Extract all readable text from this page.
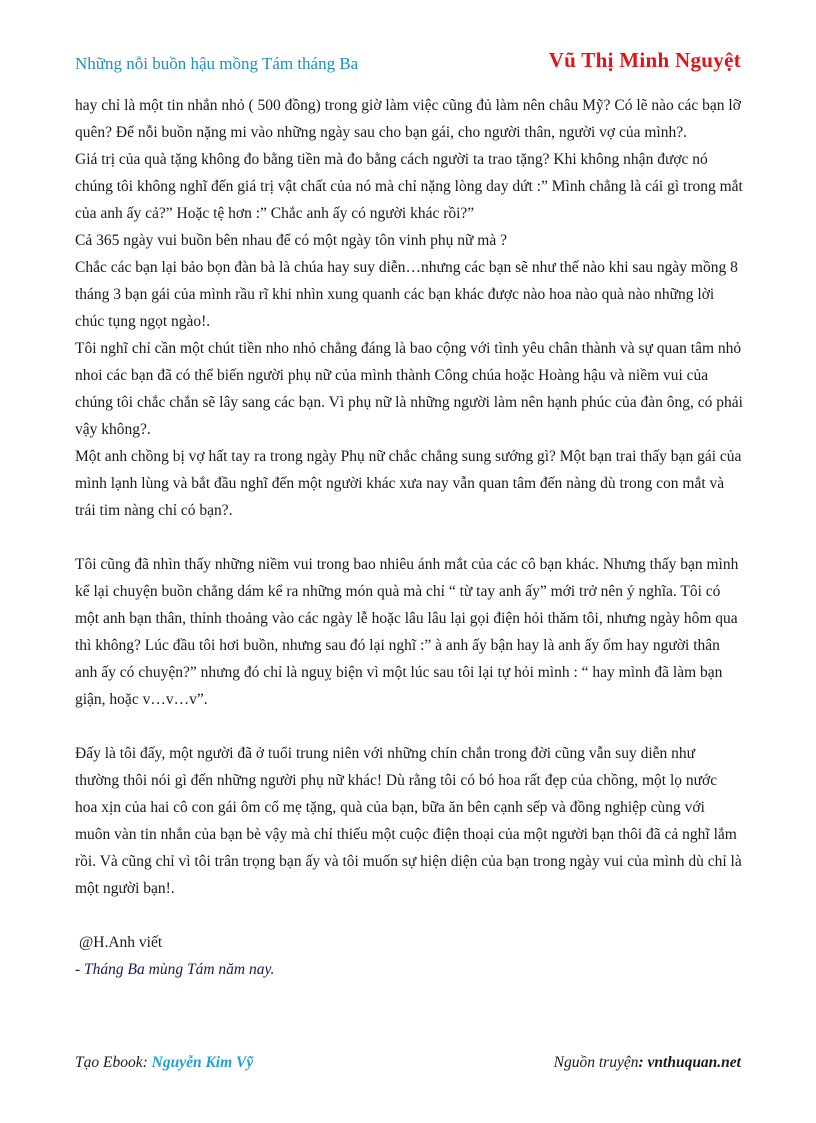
Những nỗi buồn hậu mồng Tám tháng Ba	Vũ Thị Minh Nguyệt

hay chỉ là một tin nhắn nhỏ ( 500 đồng) trong giờ làm việc cũng đủ làm nên châu Mỹ? Có lẽ nào các bạn lỡ quên? Để nỗi buồn nặng mi vào những ngày sau cho bạn gái, cho người thân, người vợ của mình?.

Giá trị của quà tặng không đo bằng tiền mà đo bằng cách người ta trao tặng? Khi không nhận được nó chúng tôi không nghĩ đến giá trị vật chất của nó mà chỉ nặng lòng day dứt :” Mình chẳng là cái gì trong mắt của anh ấy cả?” Hoặc tệ hơn :” Chắc anh ấy có người khác rồi?”

Cả 365 ngày vui buồn bên nhau để có một ngày tôn vinh phụ nữ mà ?

Chắc các bạn lại bảo bọn đàn bà là chúa hay suy diễn…nhưng các bạn sẽ như thế nào khi sau ngày mồng 8 tháng 3 bạn gái của mình rầu rĩ khi nhìn xung quanh các bạn khác được nào hoa nào quà nào những lời chúc tụng ngọt ngào!.

Tôi nghĩ chỉ cần một chút tiền nho nhỏ chẳng đáng là bao cộng với tình yêu chân thành và sự quan tâm nhỏ nhoi các bạn đã có thể biến người phụ nữ của mình thành Công chúa hoặc Hoàng hậu và niềm vui của chúng tôi chắc chắn sẽ lây sang các bạn. Vì phụ nữ là những người làm nên hạnh phúc của đàn ông, có phải vậy không?.

Một anh chồng bị vợ hất tay ra trong ngày Phụ nữ chắc chẳng sung sướng gì? Một bạn trai thấy bạn gái của mình lạnh lùng và bắt đầu nghĩ đến một người khác xưa nay vẫn quan tâm đến nàng dù trong con mắt và trái tim nàng chỉ có bạn?.

Tôi cũng đã nhìn thấy những niềm vui trong bao nhiêu ánh mắt của các cô bạn khác. Nhưng thấy bạn mình kể lại chuyện buồn chẳng dám kể ra những món quà mà chỉ “ từ tay anh ấy” mới trở nên ý nghĩa. Tôi có một anh bạn thân, thỉnh thoảng vào các ngày lễ hoặc lâu lâu lại gọi điện hỏi thăm tôi, nhưng ngày hôm qua thì không? Lúc đầu tôi hơi buồn, nhưng sau đó lại nghĩ :” à anh ấy bận hay là anh ấy ốm hay người thân anh ấy có chuyện?” nhưng đó chỉ là nguỵ biện vì một lúc sau tôi lại tự hỏi mình : “ hay mình đã làm bạn giận, hoặc v…v…v”.

Đấy là tôi đấy, một người đã ở tuổi trung niên với những chín chắn trong đời cũng vẫn suy diễn như thường thôi nói gì đến những người phụ nữ khác! Dù rằng tôi có bó hoa rất đẹp của chồng, một lọ nước hoa xịn của hai cô con gái ôm cổ mẹ tặng, quà của bạn, bữa ăn bên cạnh sếp và đồng nghiệp cùng với muôn vàn tin nhắn của bạn bè vậy mà chỉ thiếu một cuộc điện thoại của một người bạn thôi đã cả nghĩ lắm rồi. Và cũng chỉ vì tôi trân trọng bạn ấy và tôi muốn sự hiện diện của bạn trong ngày vui của mình dù chỉ là một người bạn!.

@H.Anh viết
- Tháng Ba mùng Tám năm nay.
Tạo Ebook: Nguyễn Kim Vỹ	Nguồn truyện: vnthuquan.net
